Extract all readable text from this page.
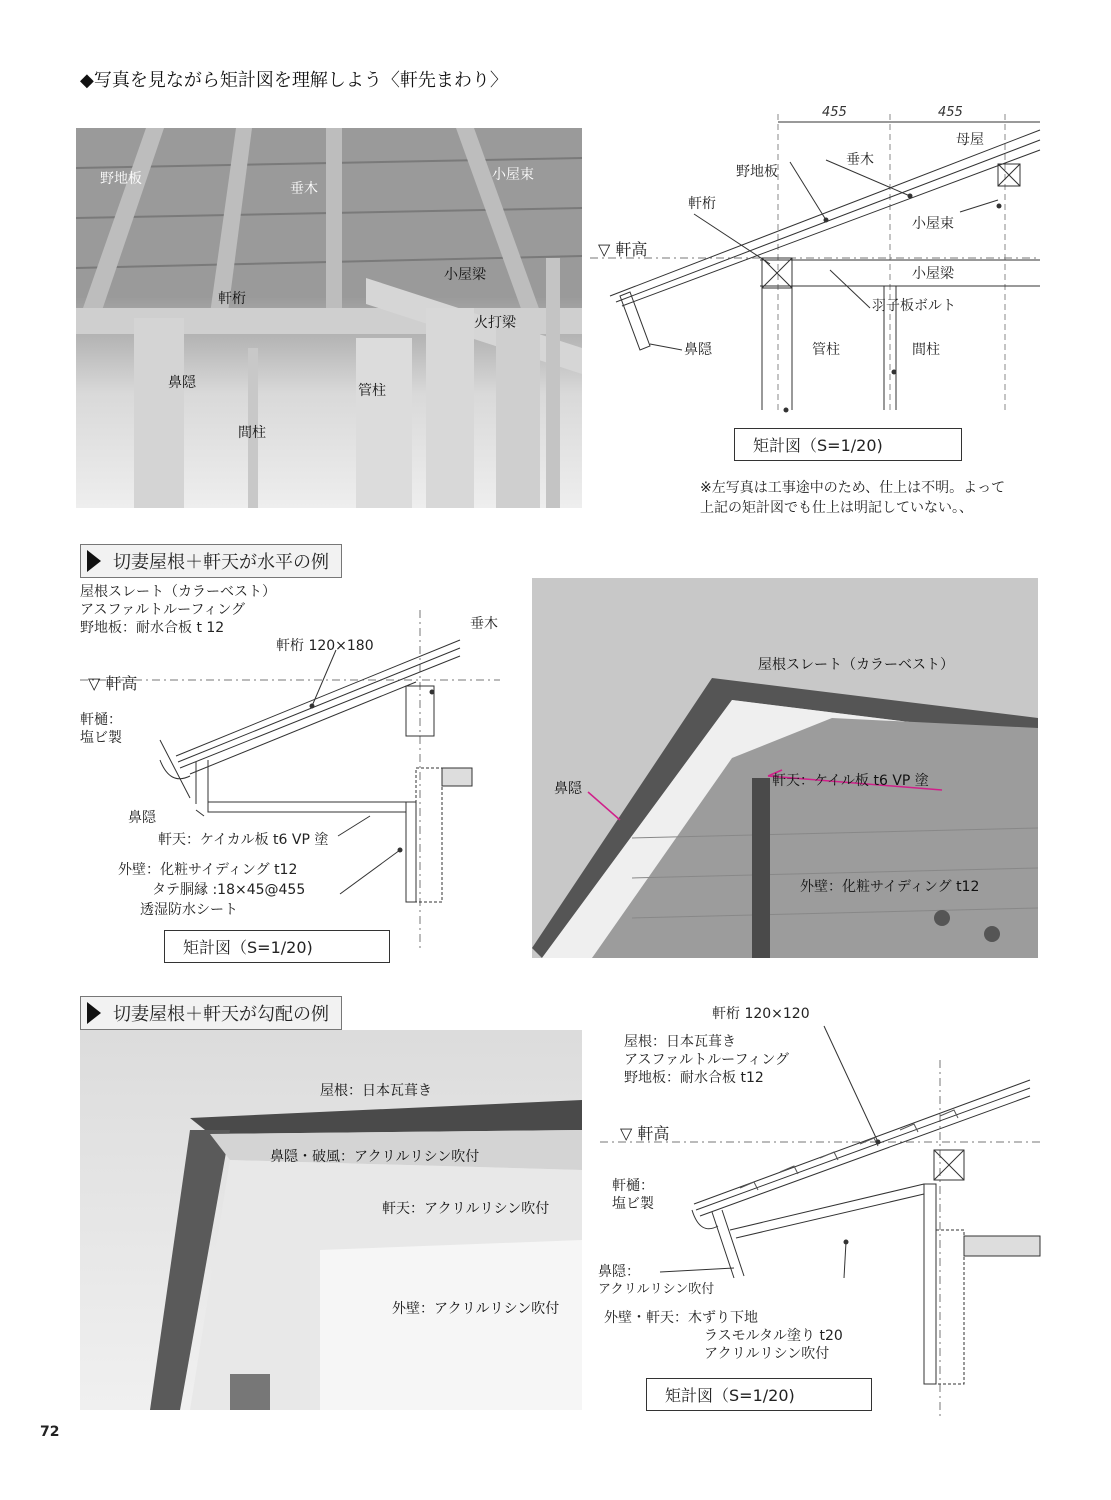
◆写真を見ながら矩計図を理解しよう〈軒先まわり〉
野地板
垂木
小屋束
軒桁
小屋梁
火打梁
鼻隠	管柱
間柱
455	455
母屋
垂木
野地板
軒桁
小屋束
▽ 軒高
小屋梁
羽子板ボルト
鼻隠	管柱	間柱
矩計図（S=1/20)
※左写真は工事途中のため、仕上は不明。よって
上記の矩計図でも仕上は明記していない。、
切妻屋根＋軒天が水平の例
屋根スレート（カラーベスト）
アスファルトルーフィング
野地板：耐水合板 t 12	垂木
軒桁 120×180
▽ 軒高
軒樋：
塩ビ製
鼻隠
軒天：ケイカル板 t6 VP 塗
外壁：化粧サイディング t12
タテ胴縁 :18×45@455
透湿防水シート
矩計図（S=1/20)
屋根スレート（カラーベスト）
軒天：ケイル板 t6 VP 塗
鼻隠
外壁：化粧サイディング t12
切妻屋根＋軒天が勾配の例
屋根：日本瓦葺き
鼻隠・破風：アクリルリシン吹付
軒天：アクリルリシン吹付
外壁：アクリルリシン吹付
軒桁 120×120
屋根：日本瓦葺き
アスファルトルーフィング
野地板：耐水合板 t12
▽ 軒高
軒樋：
塩ビ製
鼻隠：
アクリルリシン吹付
外壁・軒天：木ずり下地
ラスモルタル塗り t20
アクリルリシン吹付
矩計図（S=1/20)
72
